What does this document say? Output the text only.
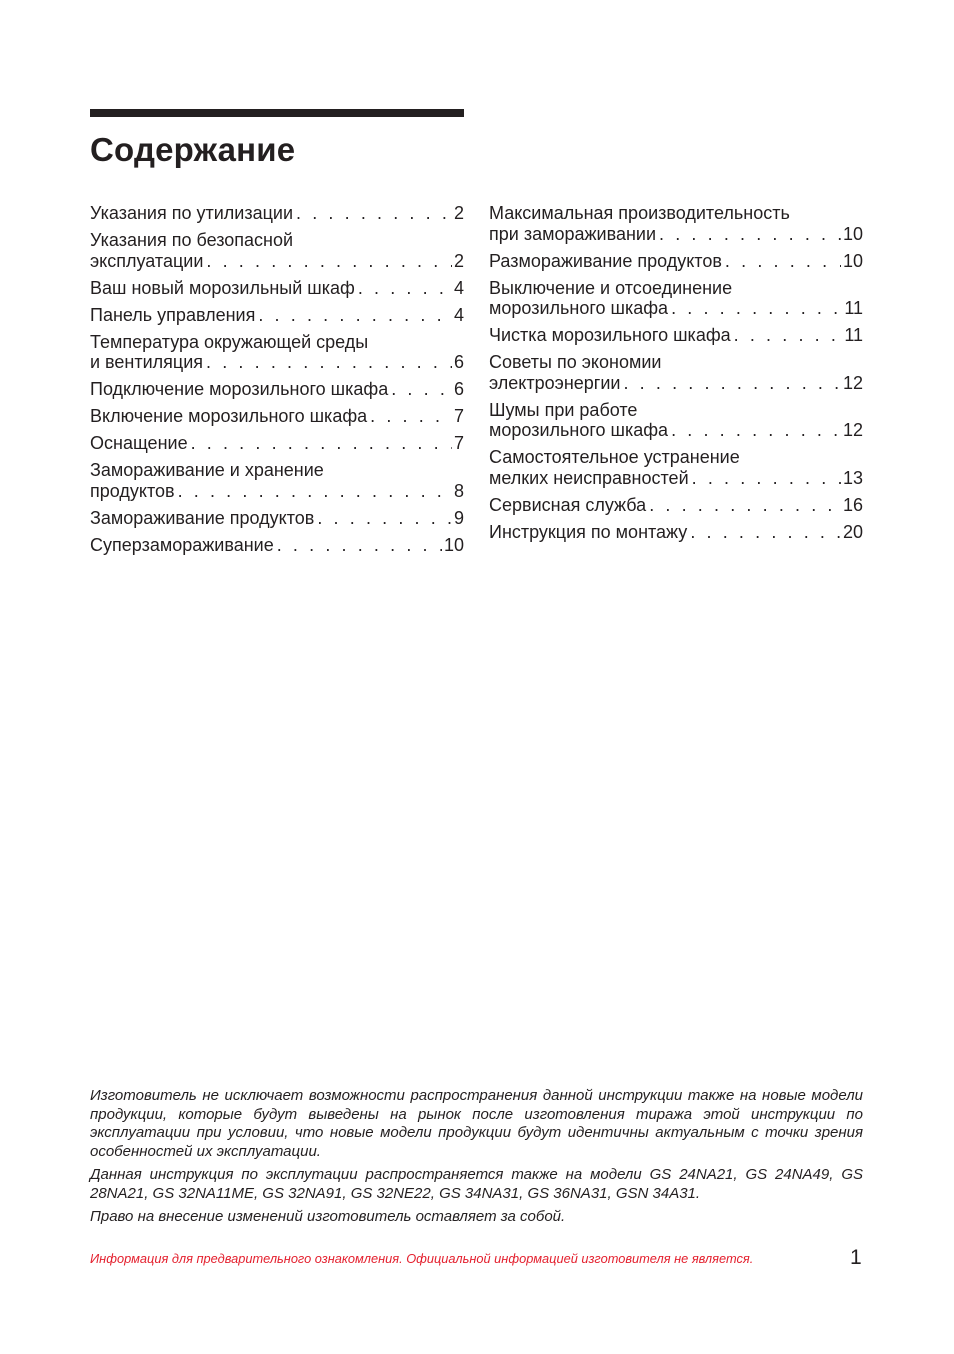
Содержание
Указания по утилизации . . .	2
Указания по безопасной
эксплуатации . . .	2
Ваш новый морозильный шкаф . . .	4
Панель управления . . .	4
Температура окружающей среды
и вентиляция . . .	6
Подключение морозильного шкафа . . .	6
Включение морозильного шкафа . . .	7
Оснащение . . .	7
Замораживание и хранение
продуктов . . .	8
Замораживание продуктов . . .	9
Суперзамораживание . . .	10
Максимальная производительность
при замораживании . . .	10
Размораживание продуктов . . .	10
Выключение и отсоединение
морозильного шкафа . . .	11
Чистка морозильного шкафа . . .	11
Советы по экономии
электроэнергии . . .	12
Шумы при работе
морозильного шкафа . . .	12
Самостоятельное устранение
мелких неисправностей . . .	13
Сервисная служба . . .	16
Инструкция по монтажу . . .	20

Изготовитель не исключает возможности распространения данной инструкции также на новые модели продукции, которые будут выведены на рынок после изготовления тиража этой инструкции по эксплуатации при условии, что новые модели продукции будут идентичны актуальным с точки зрения особенностей их эксплуатации.

Данная инструкция по эксплутации распространяется также на модели GS 24NA21, GS 24NA49, GS 28NA21, GS 32NA11ME, GS 32NA91, GS 32NE22, GS 34NA31, GS 36NA31, GSN 34A31.

Право на внесение изменений изготовитель оставляет за собой.

Информация для предварительного ознакомления. Официальной информацией изготовителя не является.	1
